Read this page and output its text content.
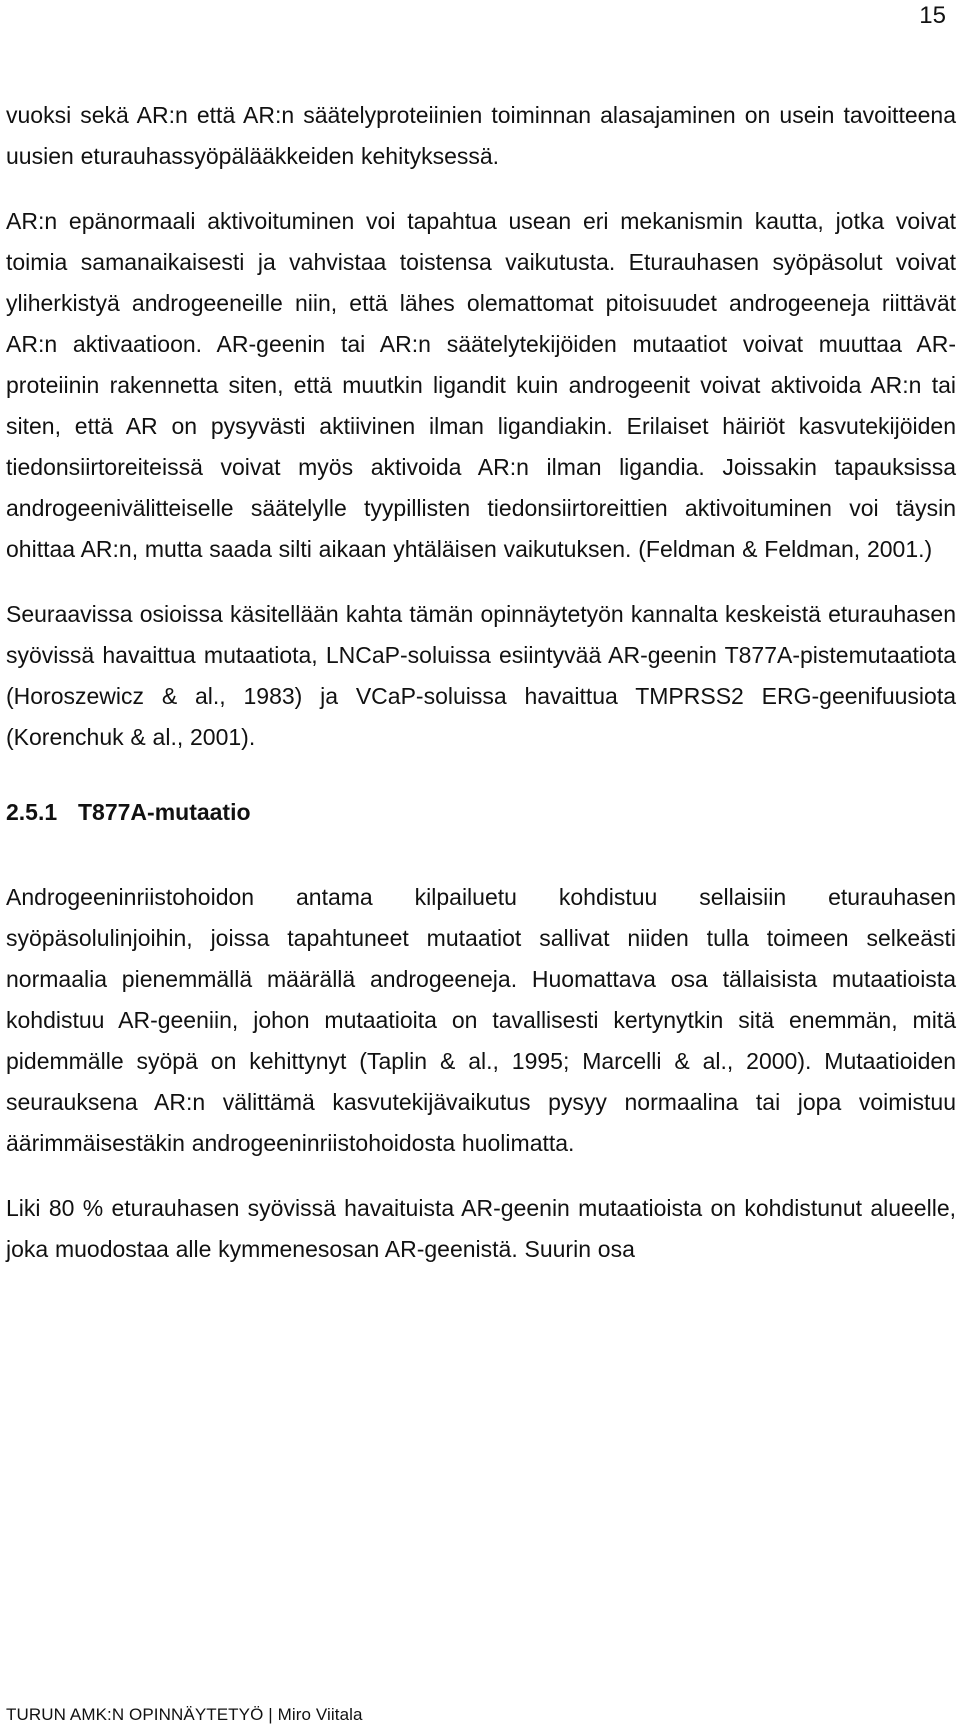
15

vuoksi sekä AR:n että AR:n säätelyproteiinien toiminnan alasajaminen on usein tavoitteena uusien eturauhassyöpälääkkeiden kehityksessä.

AR:n epänormaali aktivoituminen voi tapahtua usean eri mekanismin kautta, jotka voivat toimia samanaikaisesti ja vahvistaa toistensa vaikutusta. Eturauhasen syöpäsolut voivat yliherkistyä androgeeneille niin, että lähes olemattomat pitoisuudet androgeeneja riittävät AR:n aktivaatioon. AR-geenin tai AR:n säätelytekijöiden mutaatiot voivat muuttaa AR-proteiinin rakennetta siten, että muutkin ligandit kuin androgeenit voivat aktivoida AR:n tai siten, että AR on pysyvästi aktiivinen ilman ligandiakin. Erilaiset häiriöt kasvutekijöiden tiedonsiirtoreiteissä voivat myös aktivoida AR:n ilman ligandia. Joissakin tapauksissa androgeenivälitteiselle säätelylle tyypillisten tiedonsiirtoreittien aktivoituminen voi täysin ohittaa AR:n, mutta saada silti aikaan yhtäläisen vaikutuksen. (Feldman & Feldman, 2001.)

Seuraavissa osioissa käsitellään kahta tämän opinnäytetyön kannalta keskeistä eturauhasen syövissä havaittua mutaatiota, LNCaP-soluissa esiintyvää AR-geenin T877A-pistemutaatiota (Horoszewicz & al., 1983) ja VCaP-soluissa havaittua TMPRSS2 ERG-geenifuusiota (Korenchuk & al., 2001).

2.5.1 T877A-mutaatio

Androgeeninriistohoidon antama kilpailuetu kohdistuu sellaisiin eturauhasen syöpäsolulinjoihin, joissa tapahtuneet mutaatiot sallivat niiden tulla toimeen selkeästi normaalia pienemmällä määrällä androgeeneja. Huomattava osa tällaisista mutaatioista kohdistuu AR-geeniin, johon mutaatioita on tavallisesti kertynytkin sitä enemmän, mitä pidemmälle syöpä on kehittynyt (Taplin & al., 1995; Marcelli & al., 2000). Mutaatioiden seurauksena AR:n välittämä kasvutekijävaikutus pysyy normaalina tai jopa voimistuu äärimmäisestäkin androgeeninriistohoidosta huolimatta.

Liki 80 % eturauhasen syövissä havaituista AR-geenin mutaatioista on kohdistunut alueelle, joka muodostaa alle kymmenesosan AR-geenistä. Suurin osa

TURUN AMK:N OPINNÄYTETYÖ | Miro Viitala
